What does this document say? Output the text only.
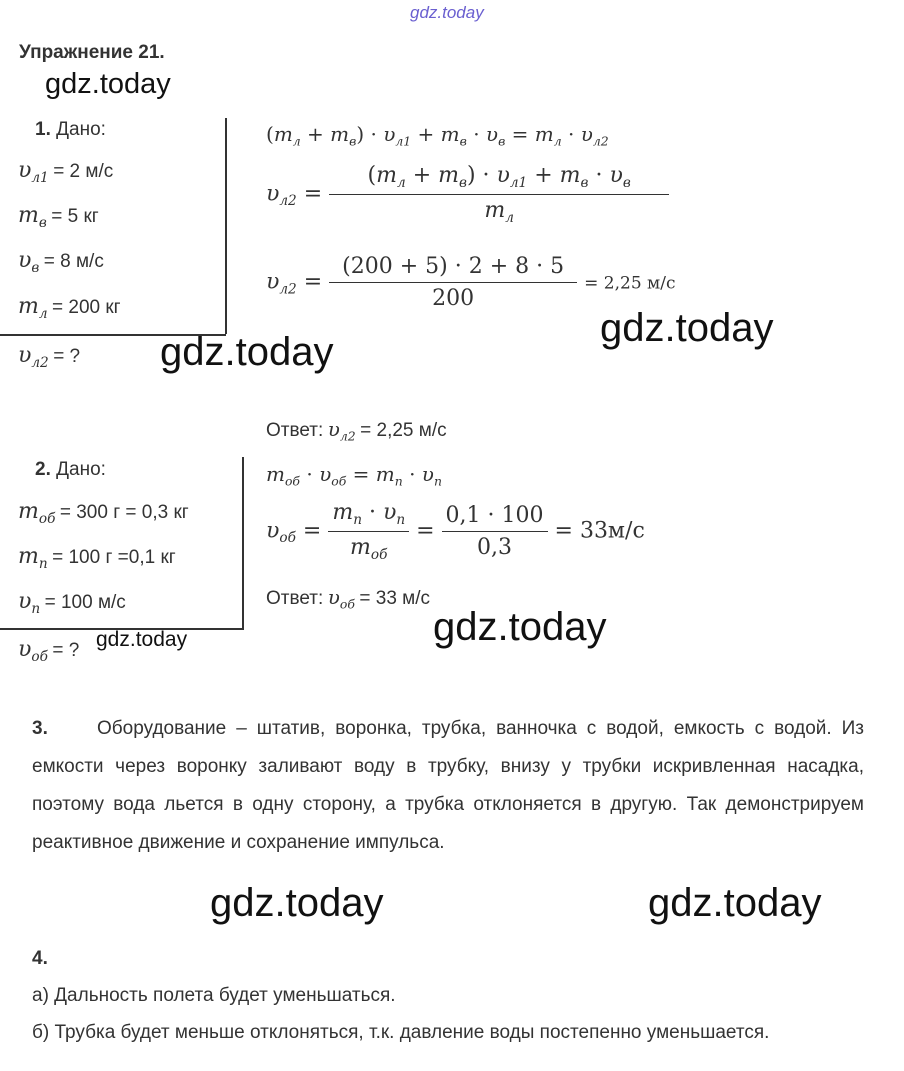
gdz.today
Упражнение 21.
gdz.today
1. Дано:
$\upsilon_{л1} = 2$ м/с
$m_в = 5$ кг
$\upsilon_в = 8$ м/с
$m_л = 200$ кг
$\upsilon_{л2}$ = ? gdz.today
$(m_л + m_в) \cdot \upsilon_{л1} + m_в \cdot \upsilon_в = m_л \cdot \upsilon_{л2}$
$\upsilon_{л2} = \frac{(m_л + m_в) \cdot \upsilon_{л1} + m_в \cdot \upsilon_в}{m_л}$
$\upsilon_{л2} = \frac{(200 + 5) \cdot 2 + 8 \cdot 5}{200} = 2,25$ м/с
gdz.today
Ответ: $\upsilon_{л2} = 2,25$ м/с
2. Дано:
$m_{об} = 300$ г = 0,3 кг
$m_п = 100$ г =0,1 кг
$\upsilon_п = 100$ м/с
$\upsilon_{об}$ = ? gdz.today
$m_{об} \cdot \upsilon_{об} = m_п \cdot \upsilon_п$
$\upsilon_{об} = \frac{m_п \cdot \upsilon_п}{m_{об}} = \frac{0,1 \cdot 100}{0,3} = 33м/с$
Ответ: $\upsilon_{об} = 33$ м/с
gdz.today
3.	Оборудование – штатив, воронка, трубка, ванночка с водой, емкость с водой. Из емкости через воронку заливают воду в трубку, внизу у трубки искривленная насадка, поэтому вода льется в одну сторону, а трубка отклоняется в другую. Так демонстрируем реактивное движение и сохранение импульса.
gdz.today	gdz.today
4.
а) Дальность полета будет уменьшаться.
б) Трубка будет меньше отклоняться, т.к. давление воды постепенно уменьшается.
